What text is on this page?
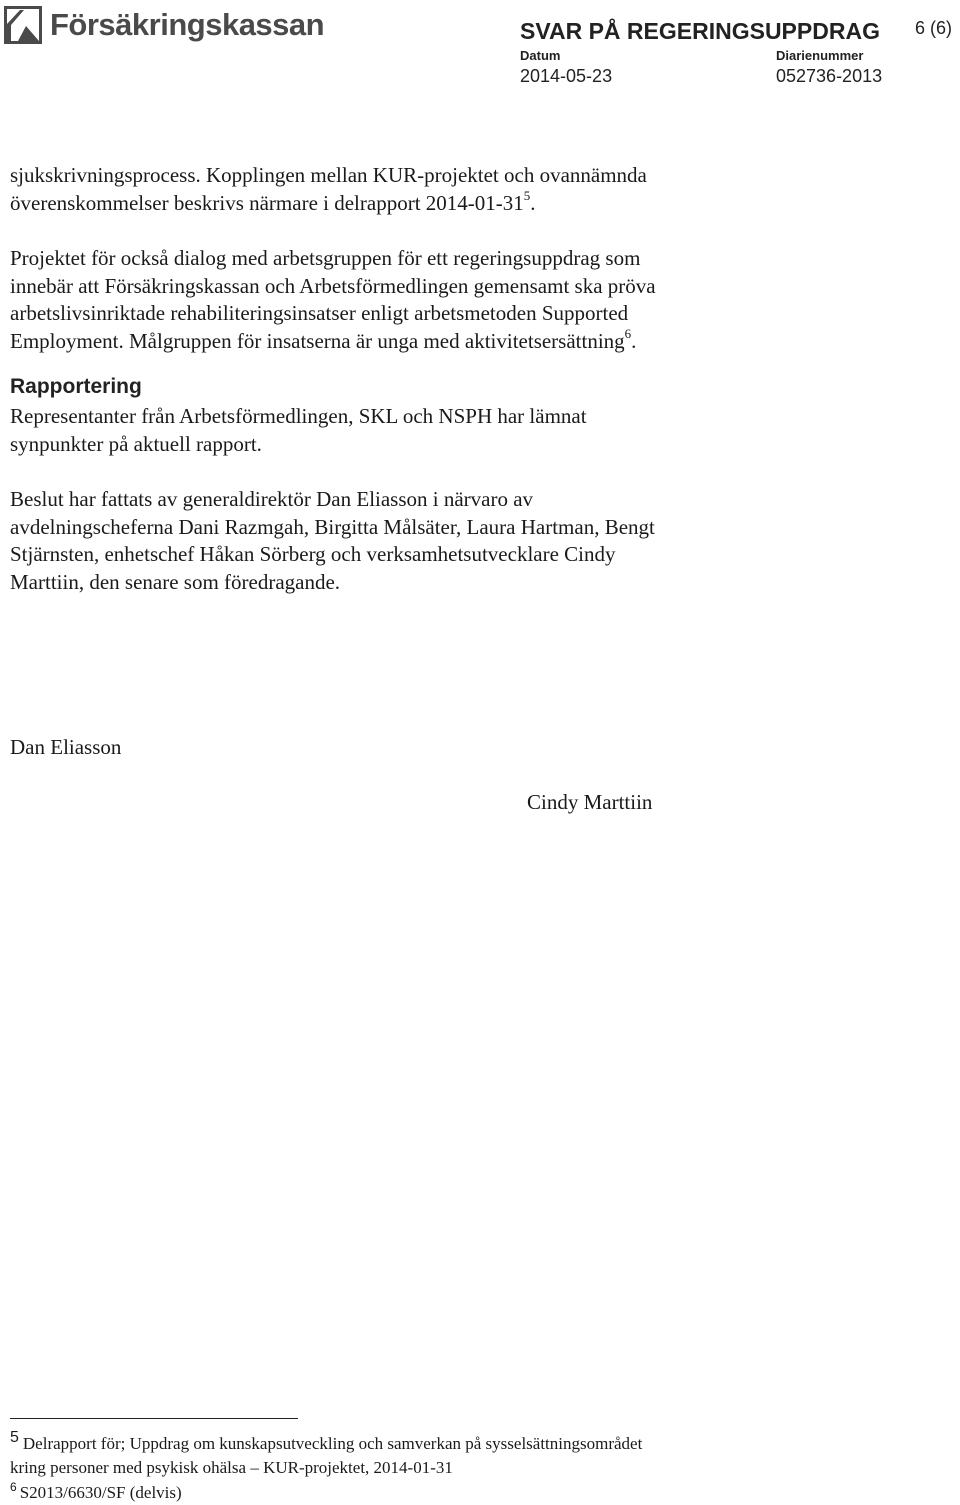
Försäkringskassan	SVAR PÅ REGERINGSUPPDRAG 6 (6)
Datum
2014-05-23
Diarienummer
052736-2013

sjukskrivningsprocess. Kopplingen mellan KUR-projektet och ovannämnda

överenskommelser beskrivs närmare i delrapport $2014-01-31^5$.

Projektet för också dialog med arbetsgruppen för ett regeringsuppdrag som

innebär att Försäkringskassan och Arbetsförmedlingen gemensamt ska pröva

arbetslivsinriktade rehabiliteringsinsatser enligt arbetsmetoden Supported

Employment. Målgruppen för insatserna är unga med aktivitetsersättning$^6$.

Rapportering

Representanter från Arbetsförmedlingen, SKL och NSPH har lämnat

synpunkter på aktuell rapport.

Beslut har fattats av generaldirektör Dan Eliasson i närvaro av

avdelningscheferna Dani Razmgah, Birgitta Målsäter, Laura Hartman, Bengt

Stjärnsten, enhetschef Håkan Sörberg och verksamhetsutvecklare Cindy

Marttiin, den senare som föredragande.

Dan Eliasson
Cindy Marttiin
5 Delrapport för; Uppdrag om kunskapsutveckling och samverkan på sysselsättningsområdet
kring personer med psykisk ohälsa – KUR-projektet, 2014-01-31
$^6$ S2013/6630/SF (delvis)
